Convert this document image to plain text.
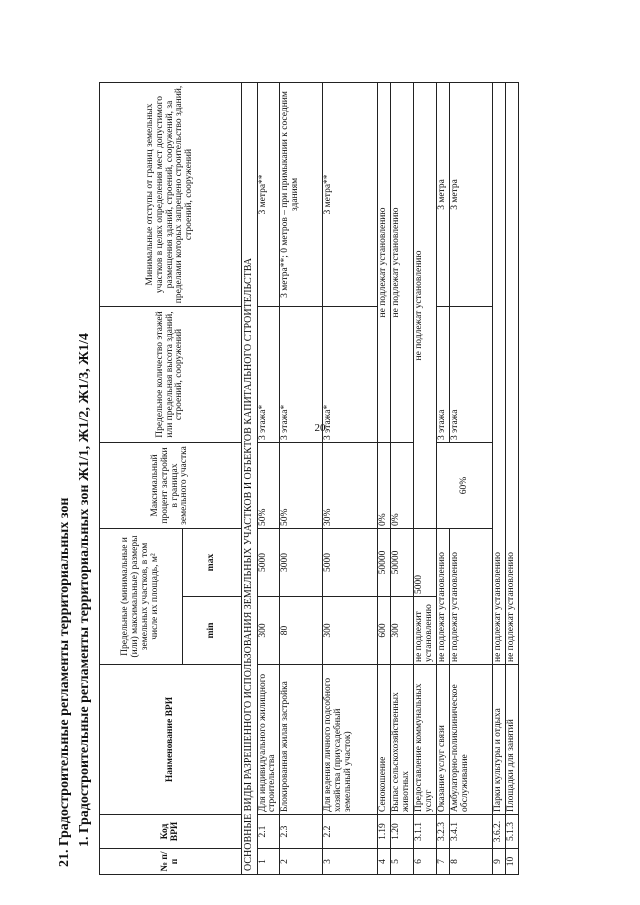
20
21. Градостроительные регламенты территориальных зон 1. Градостроительные регламенты территориальных зон Ж1/1, Ж1/2, Ж1/3, Ж1/4
№ п/п	Код ВРИ	Наименование ВРИ	Предельные (минимальные и (или) максимальные) размеры земельных участков, в том числе их площадь, м²		Максимальный процент застройки в границах земельного участка	Предельное количество этажей или предельная высота зданий, строений, сооружений	Минимальные отступы от границ земельных участков в целях определения мест допустимого размещения зданий, строений, сооружений, за пределами которых запрещено строительство зданий, строений, сооружений
			min	max			
ОСНОВНЫЕ ВИДЫ РАЗРЕШЕННОГО ИСПОЛЬЗОВАНИЯ ЗЕМЕЛЬНЫХ УЧАСТКОВ И ОБЪЕКТОВ КАПИТАЛЬНОГО СТРОИТЕЛЬСТВА							
1	2.1	Для индивидуального жилищного строительства	300	5000	50%	3 этажа*	3 метра**
2	2.3	Блокированная жилая застройка	80	3000	50%	3 этажа*	3 метра**; 0 метров – при примыкании к соседним зданиям
3	2.2	Для ведения личного подсобного хозяйства (приусадебный земельный участок)	300	5000	30%	3 этажа*	3 метра**
4	1.19	Сенокошение	600	50000	0%	не подлежат установлению	
5	1.20	Выпас сельскохозяйственных животных	300	50000	0%	не подлежат установлению	
6	3.1.1	Предоставление коммунальных услуг	не подлежит установлению	5000	не подлежат установлению		
7	3.2.3	Оказание услуг связи	не подлежат установлению		60%	3 этажа	3 метра
8	3.4.1	Амбулаторно-поликлиническое обслуживание	не подлежат установлению			3 этажа	3 метра
9	3.6.2.	Парки культуры и отдыха	не подлежат установлению				
10	5.1.3	Площадки для занятий	не подлежат установлению				
